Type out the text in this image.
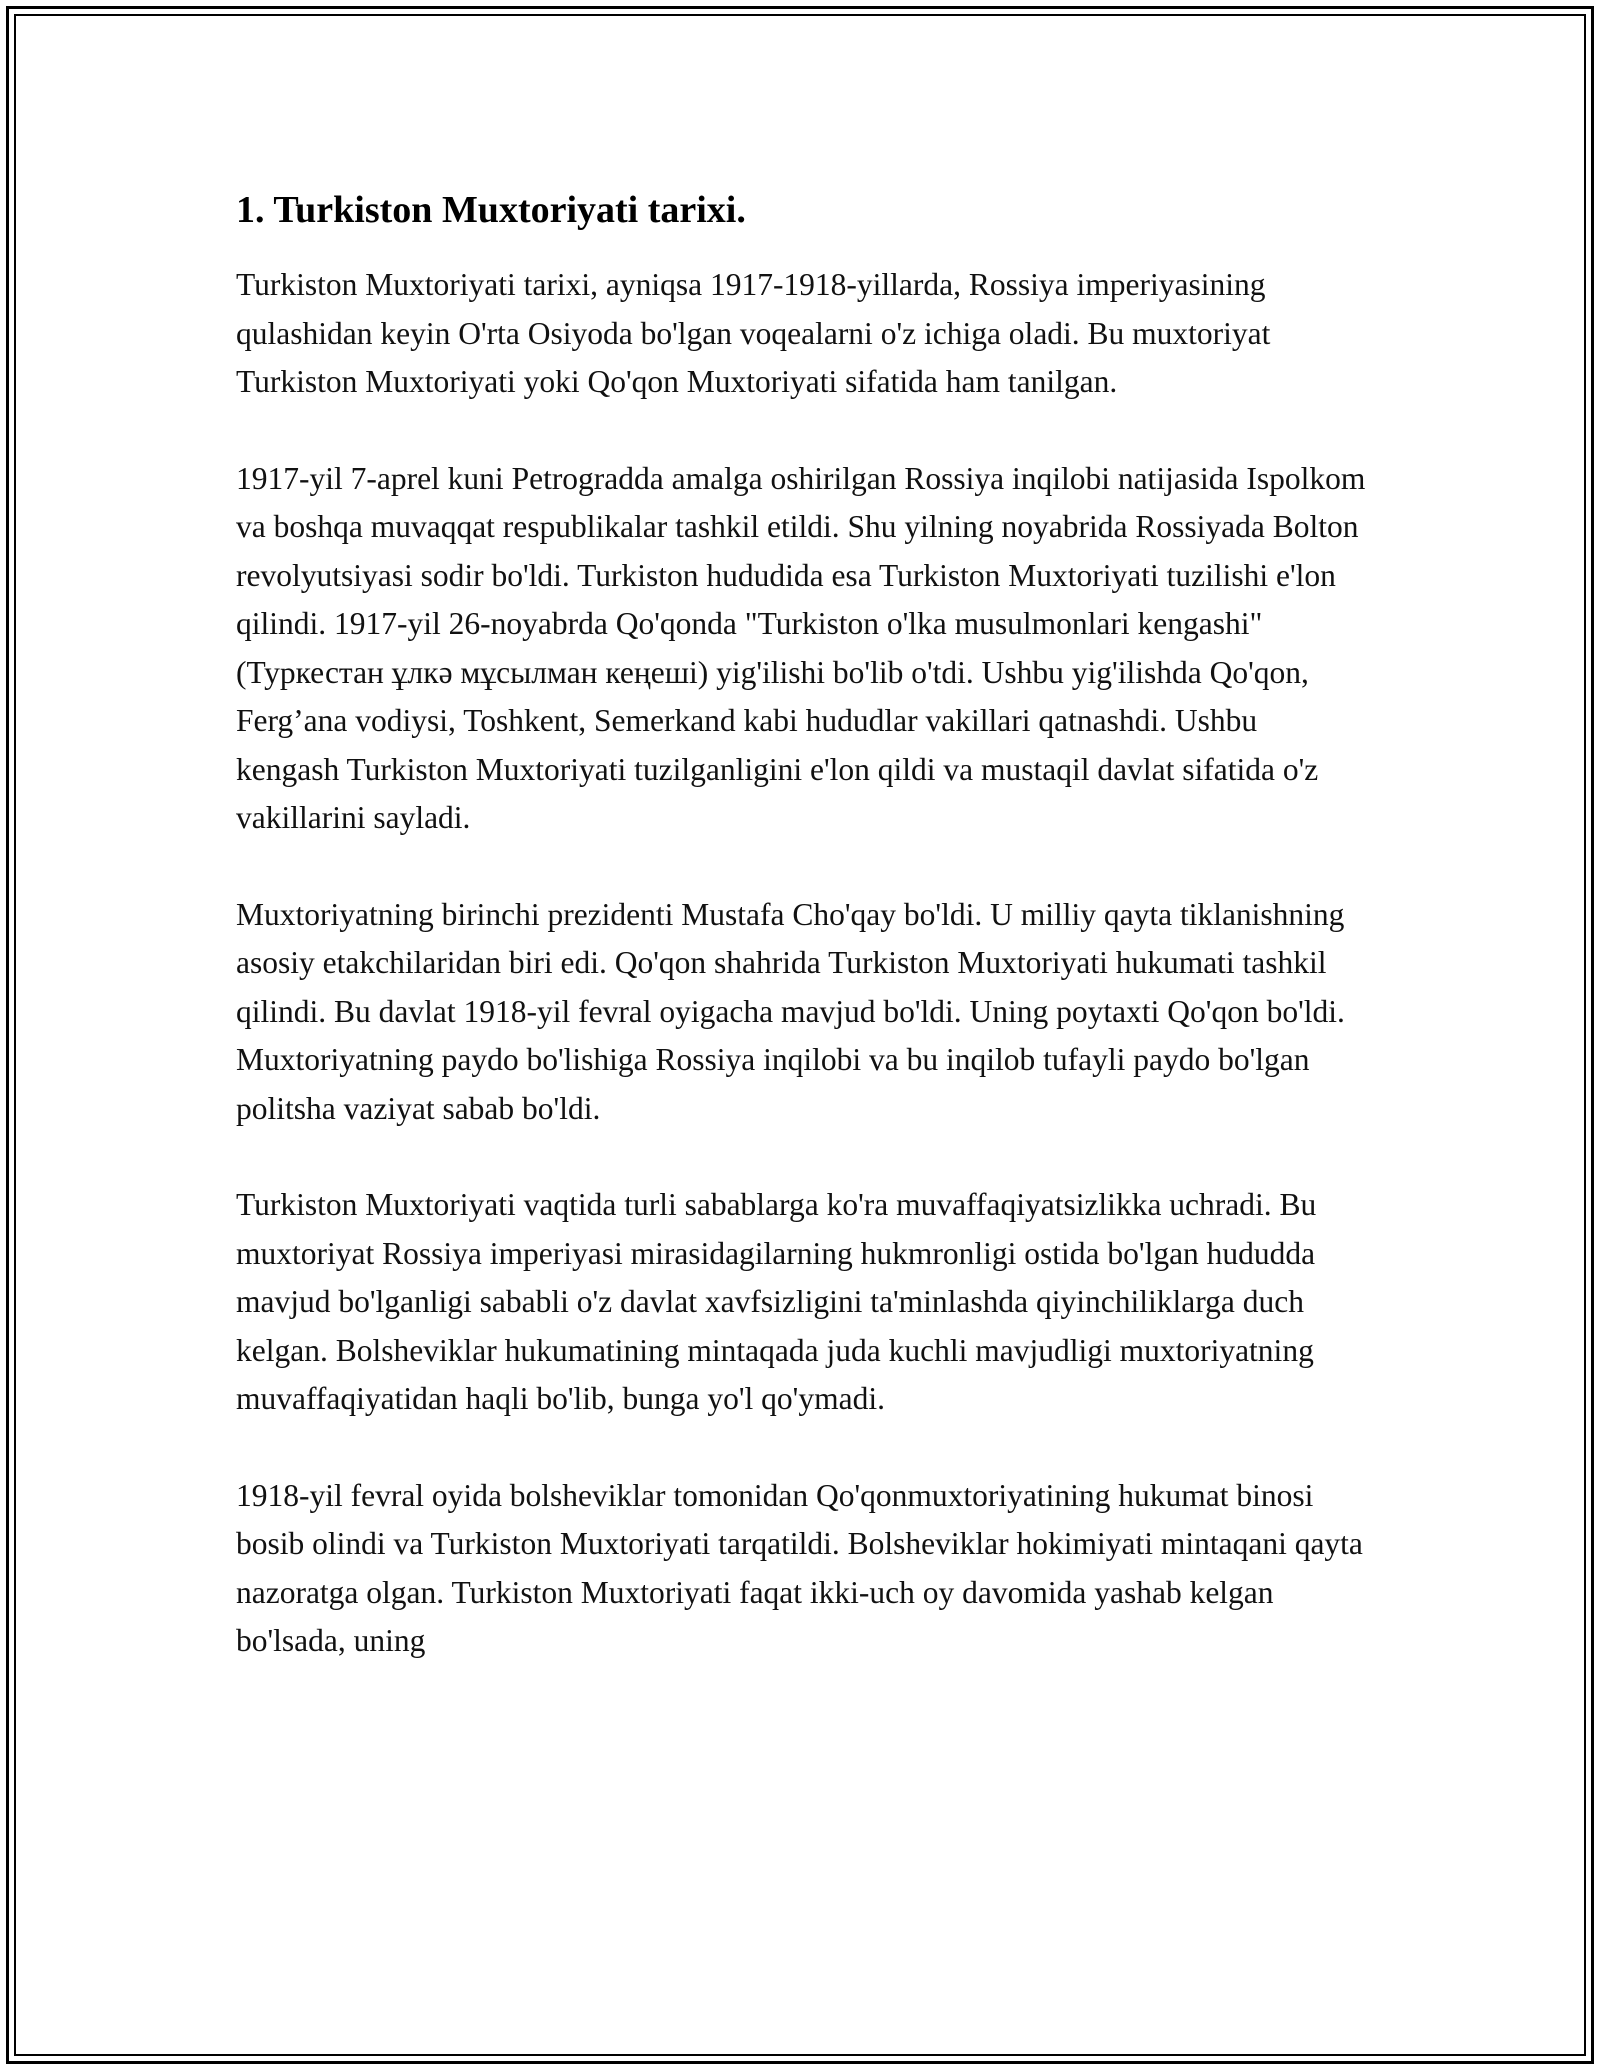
1. Turkiston Muxtoriyati tarixi.

Turkiston Muxtoriyati tarixi, ayniqsa 1917-1918-yillarda, Rossiya imperiyasining qulashidan keyin O'rta Osiyoda bo'lgan voqealarni o'z ichiga oladi. Bu muxtoriyat Turkiston Muxtoriyati yoki Qo'qon Muxtoriyati sifatida ham tanilgan.

1917-yil 7-aprel kuni Petrogradda amalga oshirilgan Rossiya inqilobi natijasida Ispolkom va boshqa muvaqqat respublikalar tashkil etildi. Shu yilning noyabrida Rossiyada Bolton revolyutsiyasi sodir bo'ldi. Turkiston hududida esa Turkiston Muxtoriyati tuzilishi e'lon qilindi. 1917-yil 26-noyabrda Qo'qonda "Turkiston o'lka musulmonlari kengashi" (Туркестан ұлкә мұсылман кеңеші) yig'ilishi bo'lib o'tdi. Ushbu yig'ilishda Qo'qon, Ferg’ana vodiysi, Toshkent, Semerkand kabi hududlar vakillari qatnashdi. Ushbu kengash Turkiston Muxtoriyati tuzilganligini e'lon qildi va mustaqil davlat sifatida o'z vakillarini sayladi.

Muxtoriyatning birinchi prezidenti Mustafa Cho'qay bo'ldi. U milliy qayta tiklanishning asosiy etakchilaridan biri edi. Qo'qon shahrida Turkiston Muxtoriyati hukumati tashkil qilindi. Bu davlat 1918-yil fevral oyigacha mavjud bo'ldi. Uning poytaxti Qo'qon bo'ldi. Muxtoriyatning paydo bo'lishiga Rossiya inqilobi va bu inqilob tufayli paydo bo'lgan politsha vaziyat sabab bo'ldi.

Turkiston Muxtoriyati vaqtida turli sabablarga ko'ra muvaffaqiyatsizlikka uchradi. Bu muxtoriyat Rossiya imperiyasi mirasidagilarning hukmronligi ostida bo'lgan hududda mavjud bo'lganligi sababli o'z davlat xavfsizligini ta'minlashda qiyinchiliklarga duch kelgan. Bolsheviklar hukumatining mintaqada juda kuchli mavjudligi muxtoriyatning muvaffaqiyatidan haqli bo'lib, bunga yo'l qo'ymadi.

1918-yil fevral oyida bolsheviklar tomonidan Qo'qonmuxtoriyatining hukumat binosi bosib olindi va Turkiston Muxtoriyati tarqatildi. Bolsheviklar hokimiyati mintaqani qayta nazoratga olgan. Turkiston Muxtoriyati faqat ikki-uch oy davomida yashab kelgan bo'lsada, uning
